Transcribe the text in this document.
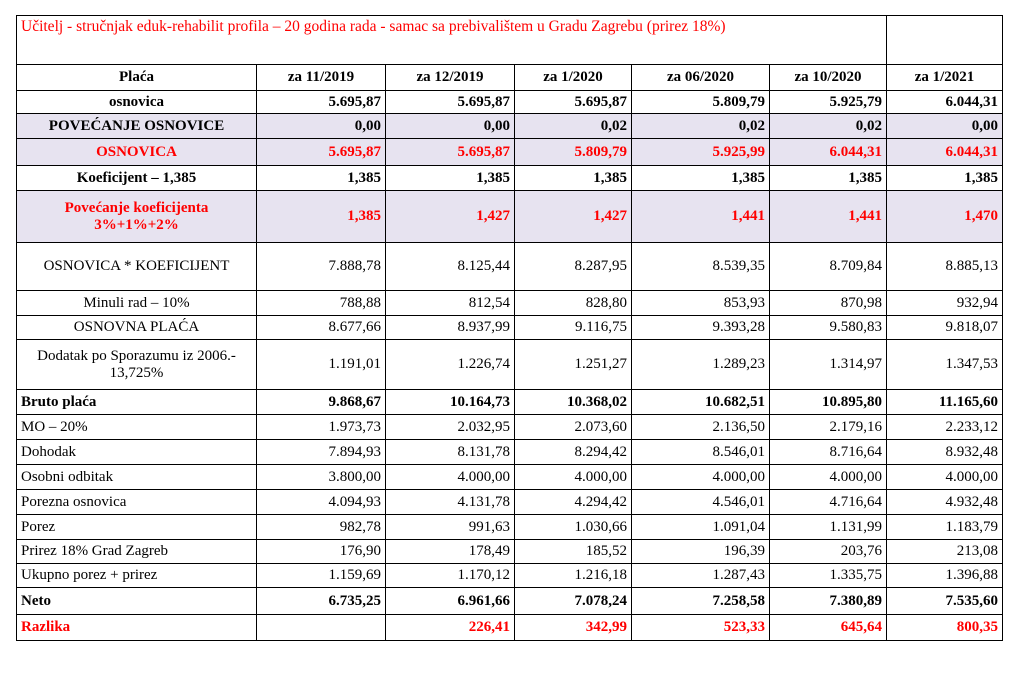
Učitelj - stručnjak eduk-rehabilit profila – 20 godina rada - samac sa prebivalištem u Gradu Zagrebu (prirez 18%)						

Plaća	za 11/2019	za 12/2019	za 1/2020	za 06/2020	za 10/2020	za 1/2021
osnovica	5.695,87	5.695,87	5.695,87	5.809,79	5.925,79	6.044,31
POVEĆANJE OSNOVICE	0,00	0,00	0,02	0,02	0,02	0,00
OSNOVICA	5.695,87	5.695,87	5.809,79	5.925,99	6.044,31	6.044,31
Koeficijent – 1,385	1,385	1,385	1,385	1,385	1,385	1,385
Povećanje koeficijenta 3%+1%+2%	1,385	1,427	1,427	1,441	1,441	1,470
OSNOVICA * KOEFICIJENT	7.888,78	8.125,44	8.287,95	8.539,35	8.709,84	8.885,13
Minuli rad – 10%	788,88	812,54	828,80	853,93	870,98	932,94
OSNOVNA PLAĆA	8.677,66	8.937,99	9.116,75	9.393,28	9.580,83	9.818,07
Dodatak po Sporazumu iz 2006.- 13,725%	1.191,01	1.226,74	1.251,27	1.289,23	1.314,97	1.347,53
Bruto plaća	9.868,67	10.164,73	10.368,02	10.682,51	10.895,80	11.165,60
MO – 20%	1.973,73	2.032,95	2.073,60	2.136,50	2.179,16	2.233,12
Dohodak	7.894,93	8.131,78	8.294,42	8.546,01	8.716,64	8.932,48
Osobni odbitak	3.800,00	4.000,00	4.000,00	4.000,00	4.000,00	4.000,00
Porezna osnovica	4.094,93	4.131,78	4.294,42	4.546,01	4.716,64	4.932,48
Porez	982,78	991,63	1.030,66	1.091,04	1.131,99	1.183,79
Prirez 18% Grad Zagreb	176,90	178,49	185,52	196,39	203,76	213,08
Ukupno porez + prirez	1.159,69	1.170,12	1.216,18	1.287,43	1.335,75	1.396,88
Neto	6.735,25	6.961,66	7.078,24	7.258,58	7.380,89	7.535,60
Razlika		226,41	342,99	523,33	645,64	800,35
